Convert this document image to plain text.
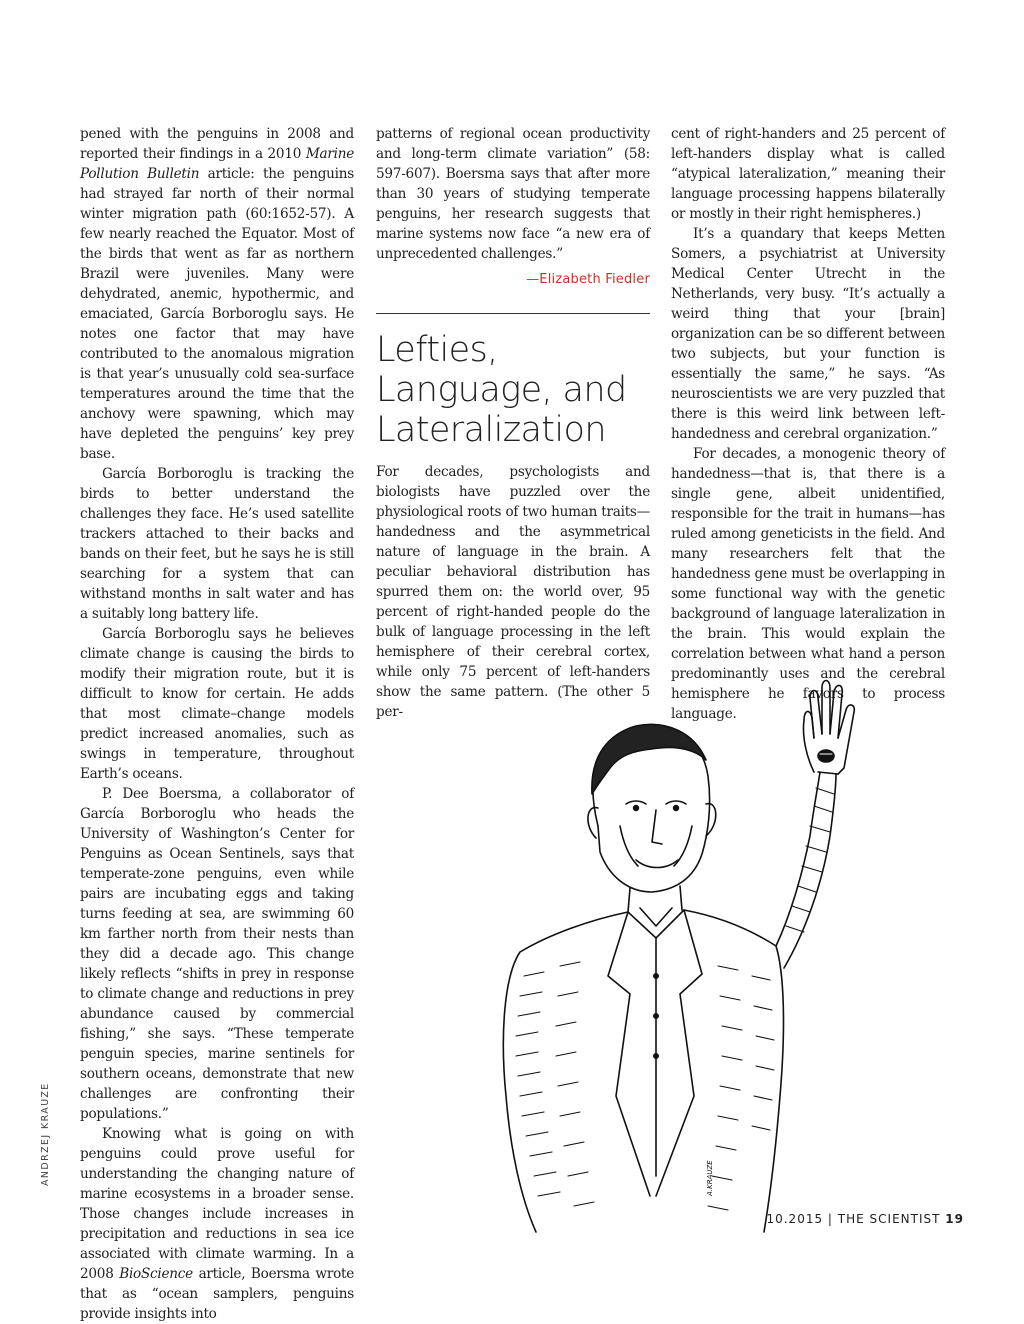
pened with the penguins in 2008 and reported their findings in a 2010 Marine Pollution Bulletin article: the penguins had strayed far north of their normal winter migration path (60:1652-57). A few nearly reached the Equator. Most of the birds that went as far as northern Brazil were juveniles. Many were dehydrated, anemic, hypothermic, and emaciated, García Borboroglu says. He notes one factor that may have contributed to the anomalous migration is that year’s unusually cold sea-surface temperatures around the time that the anchovy were spawning, which may have depleted the penguins’ key prey base.

García Borboroglu is tracking the birds to better understand the challenges they face. He’s used satellite trackers attached to their backs and bands on their feet, but he says he is still searching for a system that can withstand months in salt water and has a suitably long battery life.

García Borboroglu says he believes climate change is causing the birds to modify their migration route, but it is difficult to know for certain. He adds that most climate–change models predict increased anomalies, such as swings in temperature, throughout Earth’s oceans.

P. Dee Boersma, a collaborator of García Borboroglu who heads the University of Washington’s Center for Penguins as Ocean Sentinels, says that temperate-zone penguins, even while pairs are incubating eggs and taking turns feeding at sea, are swimming 60 km farther north from their nests than they did a decade ago. This change likely reflects “shifts in prey in response to climate change and reductions in prey abundance caused by commercial fishing,” she says. “These temperate penguin species, marine sentinels for southern oceans, demonstrate that new challenges are confronting their populations.”

Knowing what is going on with penguins could prove useful for understanding the changing nature of marine ecosystems in a broader sense. Those changes include increases in precipitation and reductions in sea ice associated with climate warming. In a 2008 BioScience article, Boersma wrote that as “ocean samplers, penguins provide insights into

patterns of regional ocean productivity and long-term climate variation” (58: 597-607). Boersma says that after more than 30 years of studying temperate penguins, her research suggests that marine systems now face “a new era of unprecedented challenges.”

—Elizabeth Fiedler
Lefties, Language, and Lateralization

For decades, psychologists and biologists have puzzled over the physiological roots of two human traits—handedness and the asymmetrical nature of language in the brain. A peculiar behavioral distribution has spurred them on: the world over, 95 percent of right-handed people do the bulk of language processing in the left hemisphere of their cerebral cortex, while only 75 percent of left-handers show the same pattern. (The other 5 per-

cent of right-handers and 25 percent of left-handers display what is called “atypical lateralization,” meaning their language processing happens bilaterally or mostly in their right hemispheres.)

It’s a quandary that keeps Metten Somers, a psychiatrist at University Medical Center Utrecht in the Netherlands, very busy. “It’s actually a weird thing that your [brain] organization can be so different between two subjects, but your function is essentially the same,” he says. “As neuroscientists we are very puzzled that there is this weird link between left-handedness and cerebral organization.”

For decades, a monogenic theory of handedness—that is, that there is a single gene, albeit unidentified, responsible for the trait in humans—has ruled among geneticists in the field. And many researchers felt that the handedness gene must be overlapping in some functional way with the genetic background of language lateralization in the brain. This would explain the correlation between what hand a person predominantly uses and the cerebral hemisphere he favors to process language.

ANDRZEJ KRAUZE	A.KRAUZE
10.2015 | THE SCIENTIST 19
